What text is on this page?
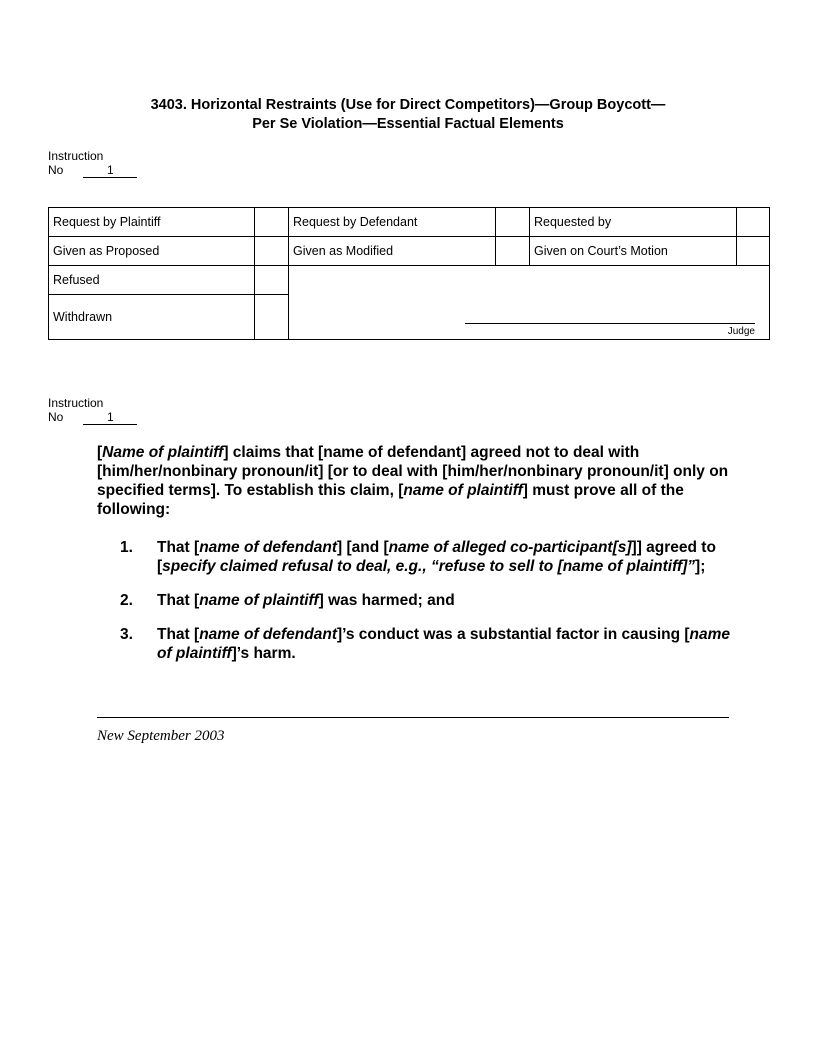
3403. Horizontal Restraints (Use for Direct Competitors)—Group Boycott—
Per Se Violation—Essential Factual Elements
Instruction
No	1
Request by Plaintiff		Request by Defendant		Requested by	
Given as Proposed		Given as Modified		Given on Court’s Motion	
Refused		Judge			

Withdrawn					
Instruction
No	1

[Name of plaintiff] claims that [name of defendant] agreed not to deal with [him/her/nonbinary pronoun/it] [or to deal with [him/her/nonbinary pronoun/it] only on specified terms]. To establish this claim, [name of plaintiff] must prove all of the following:

1. That [name of defendant] [and [name of alleged co-participant[s]]] agreed to [specify claimed refusal to deal, e.g., “refuse to sell to [name of plaintiff]”];
2. That [name of plaintiff] was harmed; and
3. That [name of defendant]’s conduct was a substantial factor in causing [name of plaintiff]’s harm.
New September 2003
